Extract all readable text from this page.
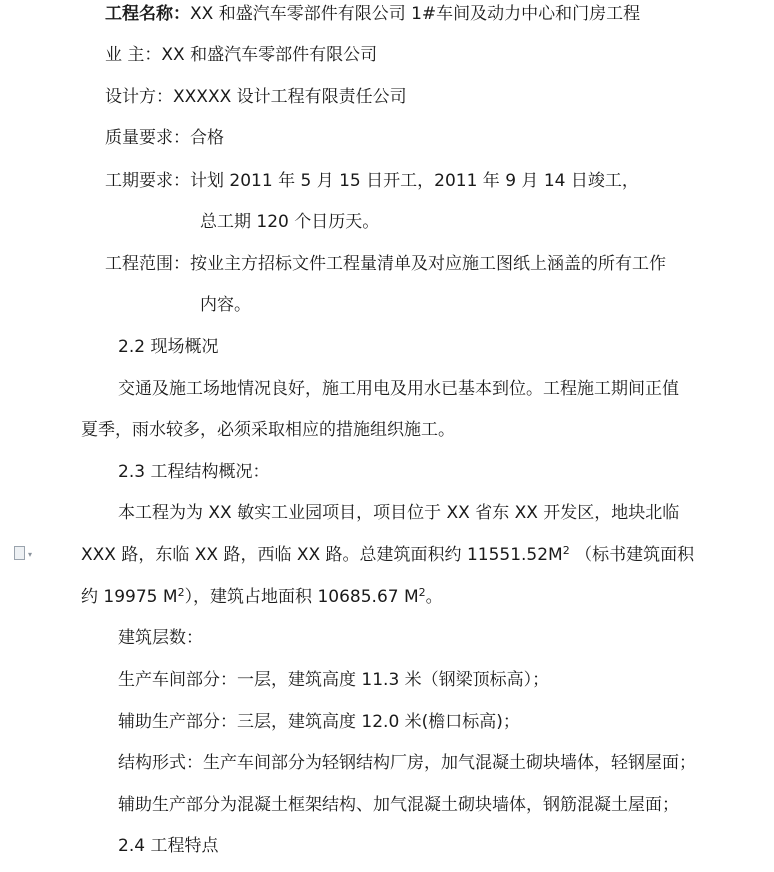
工程名称：XX 和盛汽车零部件有限公司 1#车间及动力中心和门房工程
业 主：XX 和盛汽车零部件有限公司
设计方：XXXXX 设计工程有限责任公司
质量要求：合格
工期要求：计划 2011 年 5 月 15 日开工，2011 年 9 月 14 日竣工，
总工期 120 个日历天。
工程范围：按业主方招标文件工程量清单及对应施工图纸上涵盖的所有工作
内容。
2.2 现场概况
交通及施工场地情况良好，施工用电及用水已基本到位。工程施工期间正值
夏季，雨水较多，必须采取相应的措施组织施工。
2.3 工程结构概况：
本工程为为 XX 敏实工业园项目，项目位于 XX 省东 XX 开发区，地块北临
▾	XXX 路，东临 XX 路，西临 XX 路。总建筑面积约 $11551.52M^2$ （标书建筑面积
约 19975 $M^2$），建筑占地面积 10685.67 $M^2$。
建筑层数：
生产车间部分：一层，建筑高度 11.3 米（钢梁顶标高）；
辅助生产部分：三层，建筑高度 12.0 米(檐口标高)；
结构形式：生产车间部分为轻钢结构厂房，加气混凝土砌块墙体，轻钢屋面；
辅助生产部分为混凝土框架结构、加气混凝土砌块墙体，钢筋混凝土屋面；
2.4 工程特点
